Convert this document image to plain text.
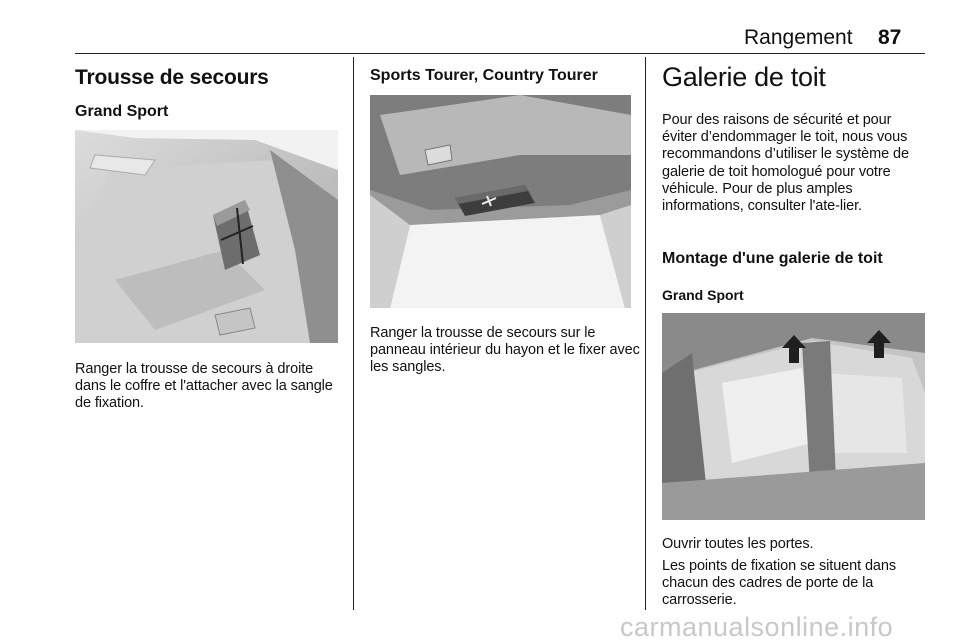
Rangement 87
Trousse de secours
Grand Sport
Ranger la trousse de secours à droite dans le coffre et l'attacher avec la sangle de fixation.
Sports Tourer, Country Tourer
Ranger la trousse de secours sur le panneau intérieur du hayon et le fixer avec les sangles.
Galerie de toit
Pour des raisons de sécurité et pour éviter d’endommager le toit, nous vous recommandons d’utiliser le système de galerie de toit homologué pour votre véhicule. Pour de plus amples informations, consulter l'ate-lier.
Montage d'une galerie de toit
Grand Sport
Ouvrir toutes les portes.
Les points de fixation se situent dans chacun des cadres de porte de la carrosserie.
carmanualsonline.info
